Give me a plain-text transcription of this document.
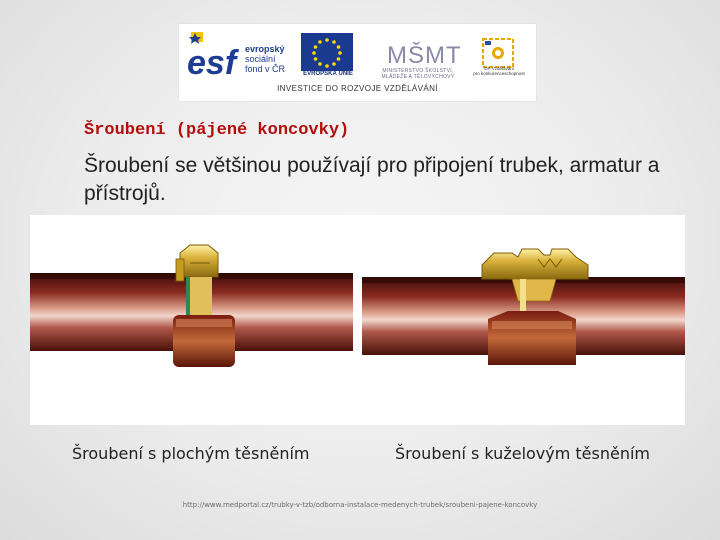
esf evropský
sociální
fond v ČR	EVROPSKÁ UNIE
MŠMT
MINISTERSTVO ŠKOLSTVÍ,
MLÁDEŽE A TĚLOVÝCHOVY
OP Vzdělávání
pro konkurenceschopnost
INVESTICE DO ROZVOJE VZDĚLÁVÁNÍ
Šroubení (pájené koncovky)
Šroubení se většinou používají pro připojení trubek, armatur a přístrojů.
Šroubení s plochým těsněním	Šroubení s kuželovým těsněním
http://www.medportal.cz/trubky-v-tzb/odborna-instalace-medenych-trubek/sroubeni-pajene-koncovky
